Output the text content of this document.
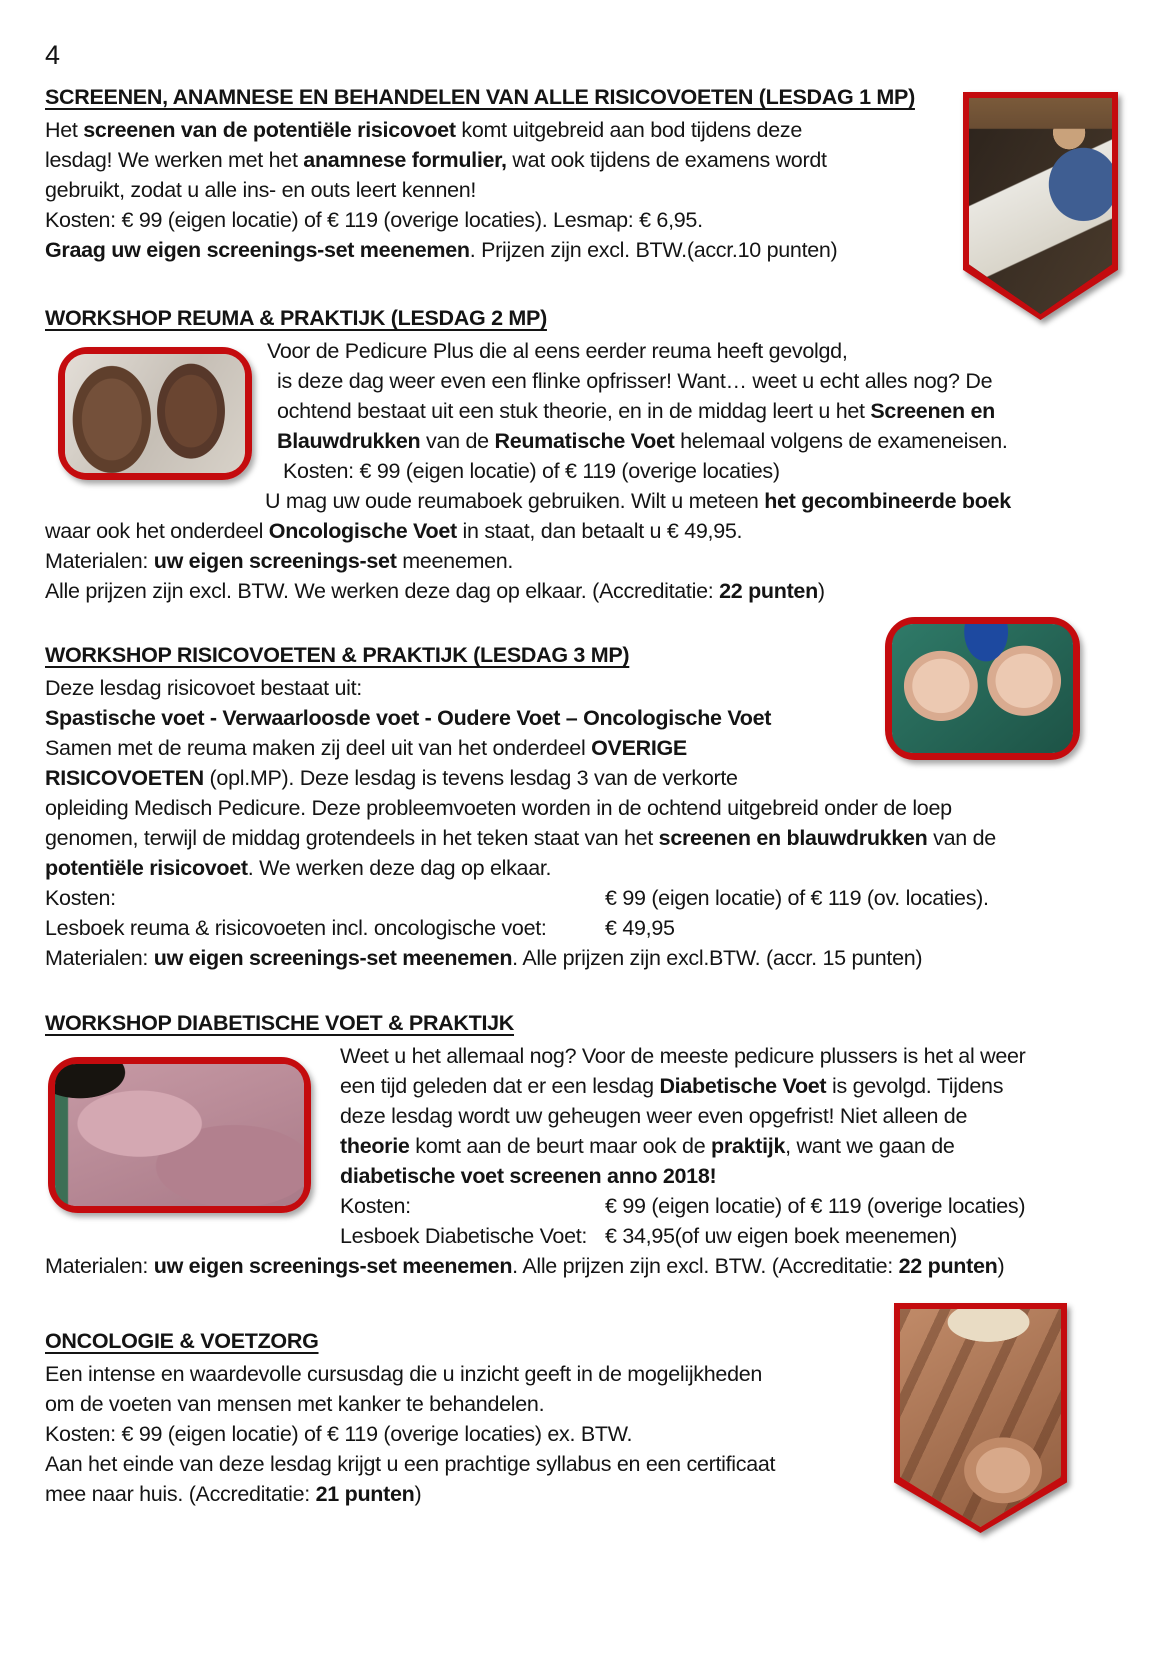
4
SCREENEN, ANAMNESE EN BEHANDELEN VAN ALLE RISICOVOETEN (LESDAG 1 MP)
Het screenen van de potentiële risicovoet komt uitgebreid aan bod tijdens deze
lesdag! We werken met het anamnese formulier, wat ook tijdens de examens wordt
gebruikt, zodat u alle ins- en outs leert kennen!
Kosten: € 99 (eigen locatie) of € 119 (overige locaties). Lesmap: € 6,95.
Graag uw eigen screenings-set meenemen. Prijzen zijn excl. BTW.(accr.10 punten)
WORKSHOP REUMA & PRAKTIJK (LESDAG 2 MP)
Voor de Pedicure Plus die al eens eerder reuma heeft gevolgd,
is deze dag weer even een flinke opfrisser! Want… weet u echt alles nog? De
ochtend bestaat uit een stuk theorie, en in de middag leert u het Screenen en
Blauwdrukken van de Reumatische Voet helemaal volgens de exameneisen.
Kosten: € 99 (eigen locatie) of € 119 (overige locaties)
U mag uw oude reumaboek gebruiken. Wilt u meteen het gecombineerde boek
waar ook het onderdeel Oncologische Voet in staat, dan betaalt u € 49,95.
Materialen: uw eigen screenings-set meenemen.
Alle prijzen zijn excl. BTW. We werken deze dag op elkaar. (Accreditatie: 22 punten)
WORKSHOP RISICOVOETEN & PRAKTIJK (LESDAG 3 MP)
Deze lesdag risicovoet bestaat uit:
Spastische voet - Verwaarloosde voet - Oudere Voet – Oncologische Voet
Samen met de reuma maken zij deel uit van het onderdeel OVERIGE
RISICOVOETEN (opl.MP). Deze lesdag is tevens lesdag 3 van de verkorte
opleiding Medisch Pedicure. Deze probleemvoeten worden in de ochtend uitgebreid onder de loep
genomen, terwijl de middag grotendeels in het teken staat van het screenen en blauwdrukken van de
potentiële risicovoet. We werken deze dag op elkaar.
Kosten:	€ 99 (eigen locatie) of € 119 (ov. locaties).
Lesboek reuma & risicovoeten incl. oncologische voet:	€ 49,95
Materialen: uw eigen screenings-set meenemen. Alle prijzen zijn excl.BTW. (accr. 15 punten)
WORKSHOP DIABETISCHE VOET & PRAKTIJK
Weet u het allemaal nog? Voor de meeste pedicure plussers is het al weer
een tijd geleden dat er een lesdag Diabetische Voet is gevolgd. Tijdens
deze lesdag wordt uw geheugen weer even opgefrist! Niet alleen de
theorie komt aan de beurt maar ook de praktijk, want we gaan de
diabetische voet screenen anno 2018!
Kosten:	€ 99 (eigen locatie) of € 119 (overige locaties)
Lesboek Diabetische Voet: € 34,95(of uw eigen boek meenemen)
Materialen: uw eigen screenings-set meenemen. Alle prijzen zijn excl. BTW. (Accreditatie: 22 punten)
ONCOLOGIE & VOETZORG
Een intense en waardevolle cursusdag die u inzicht geeft in de mogelijkheden
om de voeten van mensen met kanker te behandelen.
Kosten: € 99 (eigen locatie) of € 119 (overige locaties) ex. BTW.
Aan het einde van deze lesdag krijgt u een prachtige syllabus en een certificaat
mee naar huis. (Accreditatie: 21 punten)
